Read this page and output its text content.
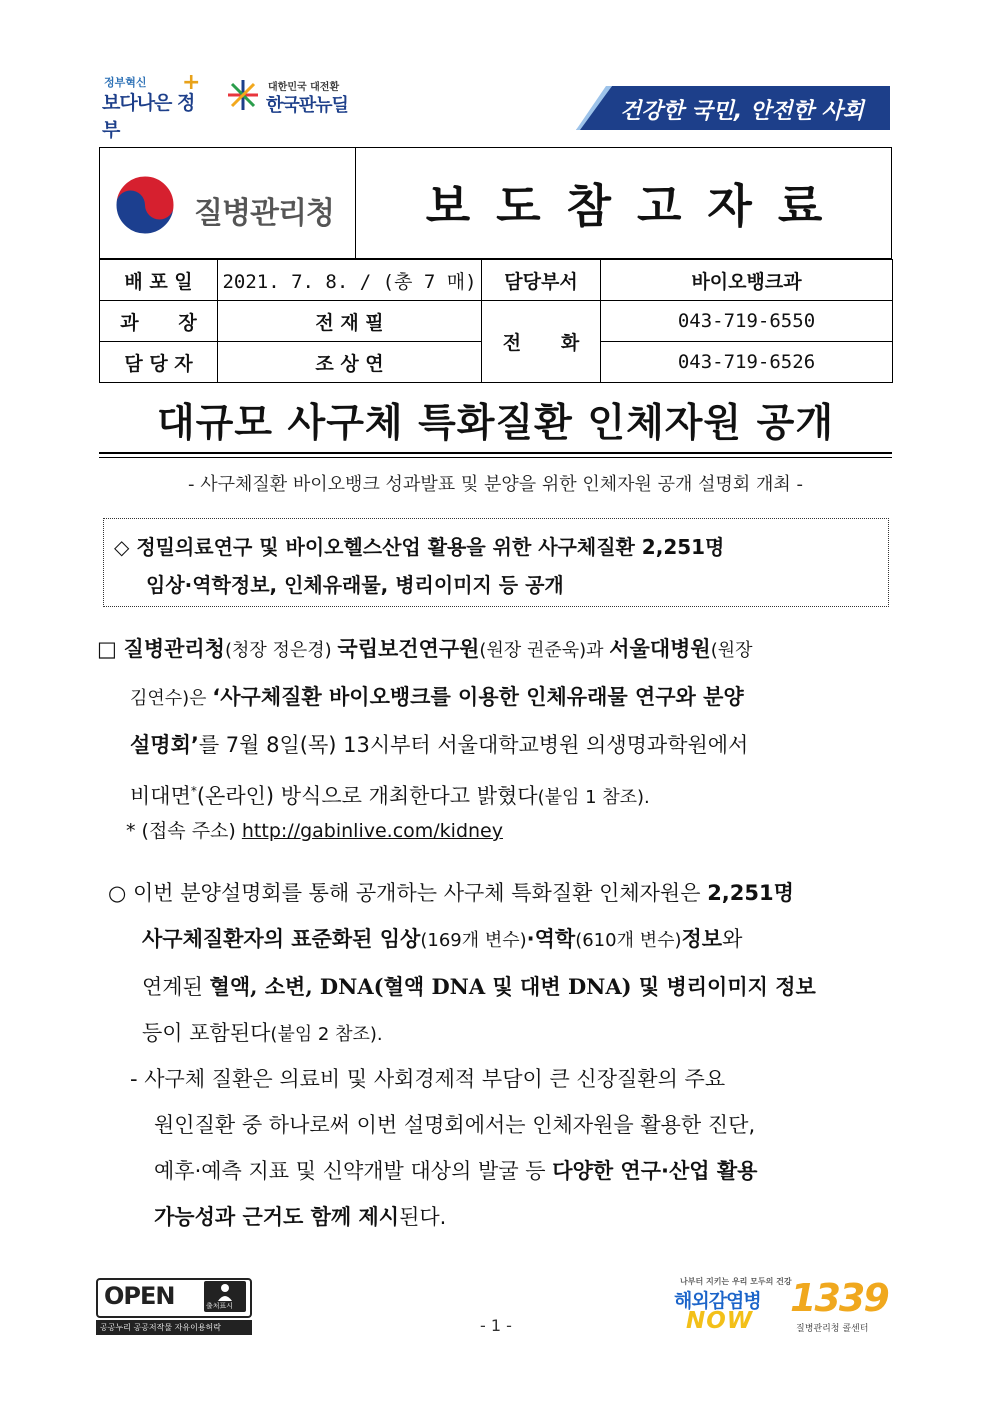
정부혁신
보다나은 정부
+	대한민국 대전환
한국판뉴딜	건강한 국민, 안전한 사회
질병관리청	보도참고자료
배 포 일	2021. 7. 8. / (총 7 매)	담당부서	바이오뱅크과
과      장	전 재 필	전      화	043-719-6550
담 당 자	조 상 연		043-719-6526
대규모 사구체 특화질환 인체자원 공개
- 사구체질환 바이오뱅크 성과발표 및 분양을 위한 인체자원 공개 설명회 개최 -
◇ 정밀의료연구 및 바이오헬스산업 활용을 위한 사구체질환 2,251명
임상·역학정보, 인체유래물, 병리이미지 등 공개
□ 질병관리청(청장 정은경) 국립보건연구원(원장 권준욱)과 서울대병원(원장
김연수)은 ‘사구체질환 바이오뱅크를 이용한 인체유래물 연구와 분양
설명회’를 7월 8일(목) 13시부터 서울대학교병원 의생명과학원에서
비대면*(온라인) 방식으로 개최한다고 밝혔다(붙임 1 참조).
* (접속 주소) http://gabinlive.com/kidney
○ 이번 분양설명회를 통해 공개하는 사구체 특화질환 인체자원은 2,251명
사구체질환자의 표준화된 임상(169개 변수)·역학(610개 변수)정보와
연계된 혈액, 소변, DNA(혈액 DNA 및 대변 DNA) 및 병리이미지 정보
등이 포함된다(붙임 2 참조).
- 사구체 질환은 의료비 및 사회경제적 부담이 큰 신장질환의 주요
원인질환 중 하나로써 이번 설명회에서는 인체자원을 활용한 진단,
예후·예측 지표 및 신약개발 대상의 발굴 등 다양한 연구·산업 활용
가능성과 근거도 함께 제시된다.
OPEN	출처표시
공공누리 공공저작물 자유이용허락	- 1 -
나부터 지키는 우리 모두의 건강
해외감염병
NOW
1339
질병관리청 콜센터
